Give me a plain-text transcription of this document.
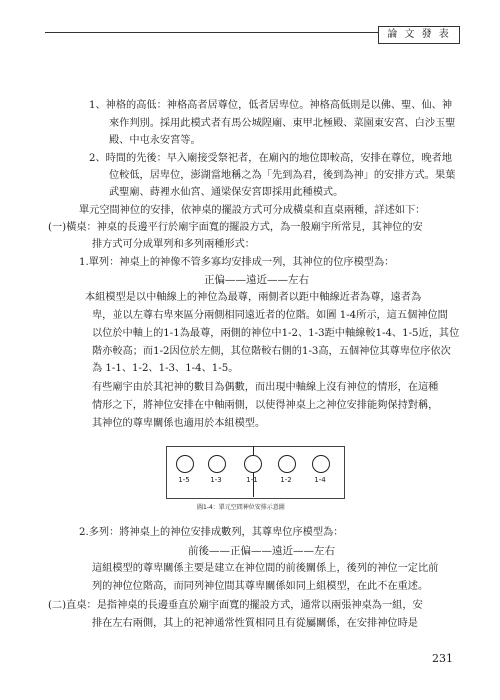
論 文 發 表
1、神格的高低：神格高者居尊位，低者居卑位。神格高低則是以佛、聖、仙、神
來作判別。採用此模式者有馬公城隍廟、東甲北極殿、菜園東安宮、白沙玉聖
殿、中屯永安宮等。
2、時間的先後：早入廟接受祭祀者，在廟內的地位即較高，安排在尊位，晚者地
位較低，居卑位，澎湖當地稱之為「先到為君，後到為神」的安排方式。果葉
武聖廟、蒔裡水仙宮、通梁保安宮即採用此種模式。
單元空間神位的安排，依神桌的擺設方式可分成橫桌和直桌兩種，詳述如下：
(一)橫桌：神桌的長邊平行於廟宇面寬的擺設方式，為一般廟宇所常見，其神位的安
排方式可分成單列和多列兩種形式：
1.單列：神桌上的神像不管多寡均安排成一列，其神位的位序模型為：
正偏——遠近——左右
本組模型是以中軸線上的神位為最尊，兩側者以距中軸線近者為尊，遠者為
卑，並以左尊右卑來區分兩側相同遠近者的位階。如圖 1-4所示，這五個神位間
以位於中軸上的1-1為最尊，兩側的神位中1-2、1-3距中軸線較1-4、1-5近，其位
階亦較高；而1-2因位於左側，其位階較右側的1-3高，五個神位其尊卑位序依次
為 1-1、1-2、1-3、1-4、1-5。
有些廟宇由於其祀神的數目為偶數，而出現中軸線上沒有神位的情形，在這種
情形之下，將神位安排在中軸兩側，以使得神桌上之神位安排能夠保持對稱，
其神位的尊卑關係也適用於本組模型。
1-5	1-3	1-1	1-2	1-4
圖1-4：單元空間神位安排示意圖
2.多列：將神桌上的神位安排成數列，其尊卑位序模型為：
前後——正偏——遠近——左右
這組模型的尊卑關係主要是建立在神位間的前後關係上，後列的神位一定比前
列的神位位階高，而同列神位間其尊卑關係如同上組模型，在此不在重述。
(二)直桌：是指神桌的長邊垂直於廟宇面寬的擺設方式，通常以兩張神桌為一組，安
排在左右兩側，其上的祀神通常性質相同且有從屬關係，在安排神位時是
231
